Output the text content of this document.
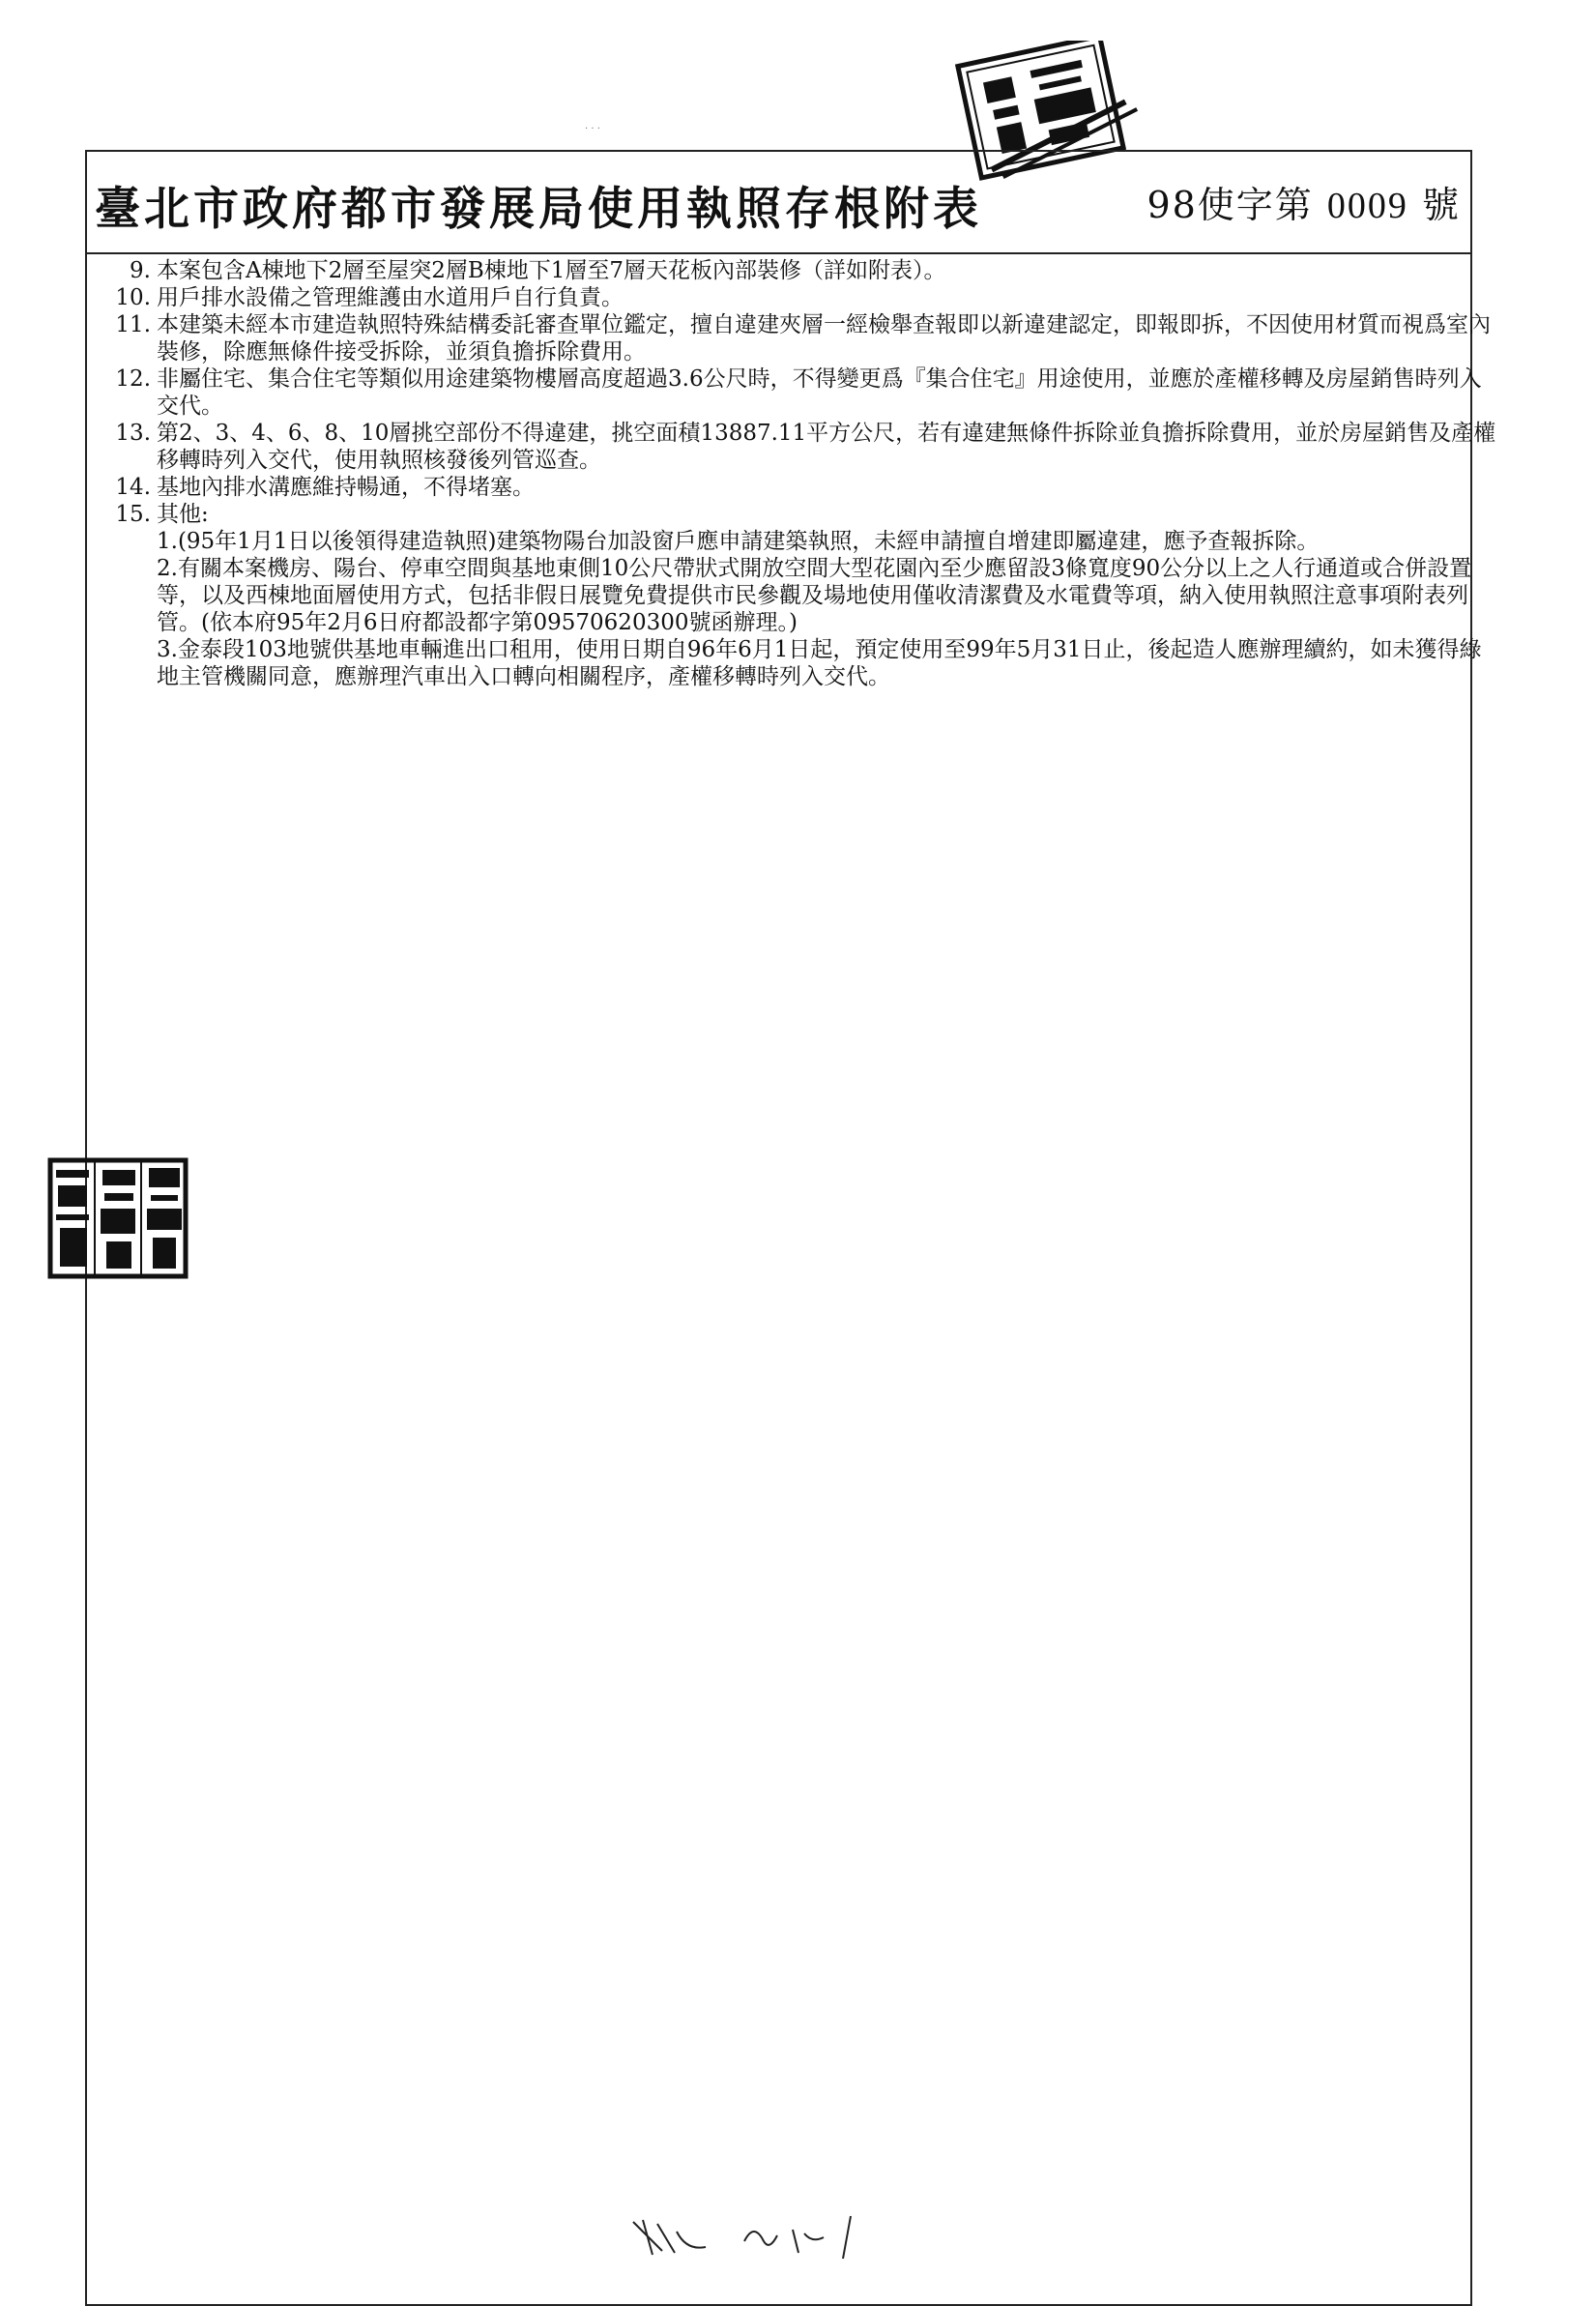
· · ·
臺北市政府都市發展局使用執照存根附表	98使字第 0009 號
9. 本案包含A棟地下2層至屋突2層B棟地下1層至7層天花板內部裝修（詳如附表）。
10. 用戶排水設備之管理維護由水道用戶自行負責。
11. 本建築未經本市建造執照特殊結構委託審查單位鑑定，擅自違建夾層一經檢舉查報即以新違建認定，即報即拆，不因使用材質而視爲室內裝修，除應無條件接受拆除，並須負擔拆除費用。
12. 非屬住宅、集合住宅等類似用途建築物樓層高度超過3.6公尺時，不得變更爲『集合住宅』用途使用，並應於產權移轉及房屋銷售時列入交代。
13. 第2、3、4、6、8、10層挑空部份不得違建，挑空面積13887.11平方公尺，若有違建無條件拆除並負擔拆除費用，並於房屋銷售及產權移轉時列入交代，使用執照核發後列管巡查。
14. 基地內排水溝應維持暢通，不得堵塞。
15. 其他:
1.(95年1月1日以後領得建造執照)建築物陽台加設窗戶應申請建築執照，未經申請擅自增建即屬違建，應予查報拆除。
2.有關本案機房、陽台、停車空間與基地東側10公尺帶狀式開放空間大型花園內至少應留設3條寬度90公分以上之人行通道或合併設置等，以及西棟地面層使用方式，包括非假日展覽免費提供市民參觀及場地使用僅收清潔費及水電費等項，納入使用執照注意事項附表列管。(依本府95年2月6日府都設都字第09570620300號函辦理。)
3.金泰段103地號供基地車輛進出口租用，使用日期自96年6月1日起，預定使用至99年5月31日止，後起造人應辦理續約，如未獲得綠地主管機關同意，應辦理汽車出入口轉向相關程序，產權移轉時列入交代。
